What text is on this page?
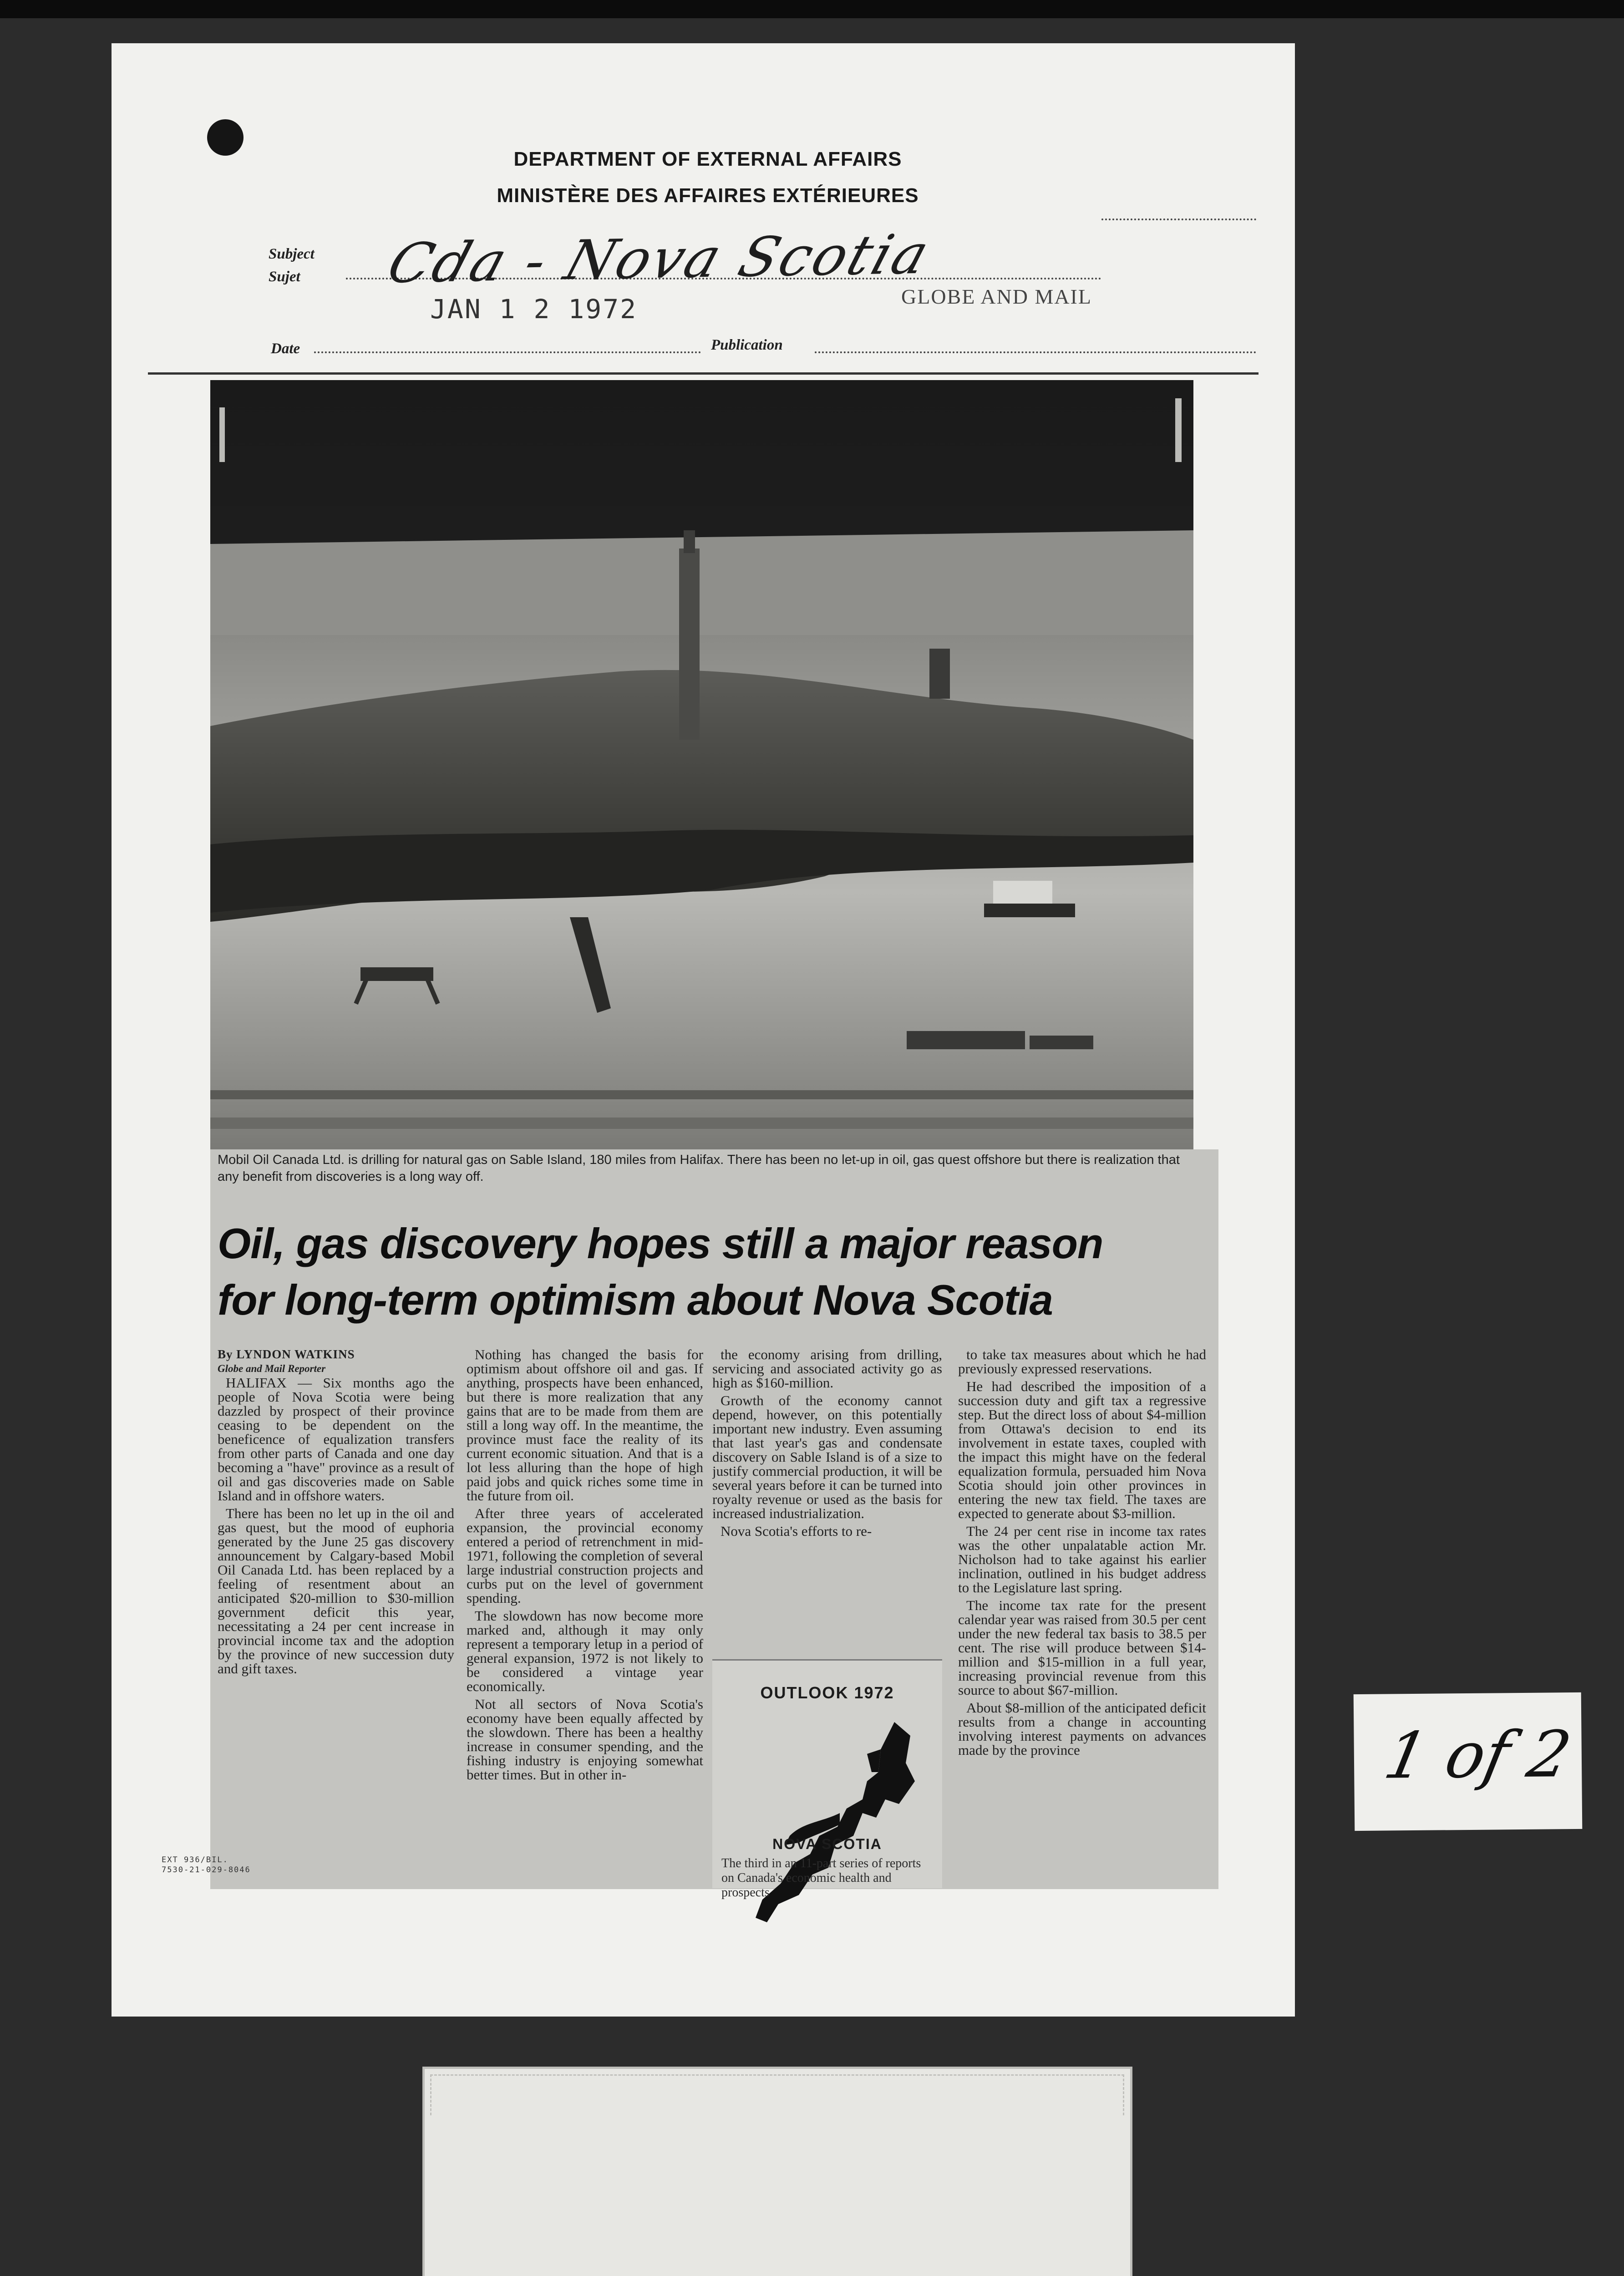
DEPARTMENT OF EXTERNAL AFFAIRS
MINISTÈRE DES AFFAIRES EXTÉRIEURES
Subject
Sujet Cda - Nova Scotia
JAN 1 2 1972	GLOBE AND MAIL
Date	Publication

Mobil Oil Canada Ltd. is drilling for natural gas on Sable Island, 180 miles from Halifax. There has been no let-up in oil, gas quest offshore but there is realization that any benefit from discoveries is a long way off.

Oil, gas discovery hopes still a major reason
for long-term optimism about Nova Scotia

By LYNDON WATKINS

Globe and Mail Reporter

HALIFAX — Six months ago the people of Nova Scotia were being dazzled by prospect of their province ceasing to be dependent on the beneficence of equalization transfers from other parts of Canada and one day becoming a "have" province as a result of oil and gas discoveries made on Sable Island and in offshore waters.

There has been no let up in the oil and gas quest, but the mood of euphoria generated by the June 25 gas discovery announcement by Calgary-based Mobil Oil Canada Ltd. has been replaced by a feeling of resentment about an anticipated $20-million to $30-million government deficit this year, necessitating a 24 per cent increase in provincial income tax and the adoption by the province of new succession duty and gift taxes.

Nothing has changed the basis for optimism about offshore oil and gas. If anything, prospects have been enhanced, but there is more realization that any gains that are to be made from them are still a long way off. In the meantime, the province must face the reality of its current economic situation. And that is a lot less alluring than the hope of high paid jobs and quick riches some time in the future from oil.

After three years of accelerated expansion, the provincial economy entered a period of retrenchment in mid-1971, following the completion of several large industrial construction projects and curbs put on the level of government spending.

The slowdown has now become more marked and, although it may only represent a temporary letup in a period of general expansion, 1972 is not likely to be considered a vintage year economically.

Not all sectors of Nova Scotia's economy have been equally affected by the slowdown. There has been a healthy increase in consumer spending, and the fishing industry is enjoying somewhat better times. But in other in-

the economy arising from drilling, servicing and associated activity go as high as $160-million.

Growth of the economy cannot depend, however, on this potentially important new industry. Even assuming that last year's gas and condensate discovery on Sable Island is of a size to justify commercial production, it will be several years before it can be turned into royalty revenue or used as the basis for increased industrialization.

Nova Scotia's efforts to re-

OUTLOOK 1972

NOVA SCOTIA

The third in an 11-part series of reports on Canada's economic health and prospects

to take tax measures about which he had previously expressed reservations.

He had described the imposition of a succession duty and gift tax a regressive step. But the direct loss of about $4-million from Ottawa's decision to end its involvement in estate taxes, coupled with the impact this might have on the federal equalization formula, persuaded him Nova Scotia should join other provinces in entering the new tax field. The taxes are expected to generate about $3-million.

The 24 per cent rise in income tax rates was the other unpalatable action Mr. Nicholson had to take against his earlier inclination, outlined in his budget address to the Legislature last spring.

The income tax rate for the present calendar year was raised from 30.5 per cent under the new federal tax basis to 38.5 per cent. The rise will produce between $14-million and $15-million in a full year, increasing provincial revenue from this source to about $67-million.

About $8-million of the anticipated deficit results from a change in accounting involving interest payments on advances made by the province

EXT 936/BIL.
7530-21-029-8046

1 of 2
